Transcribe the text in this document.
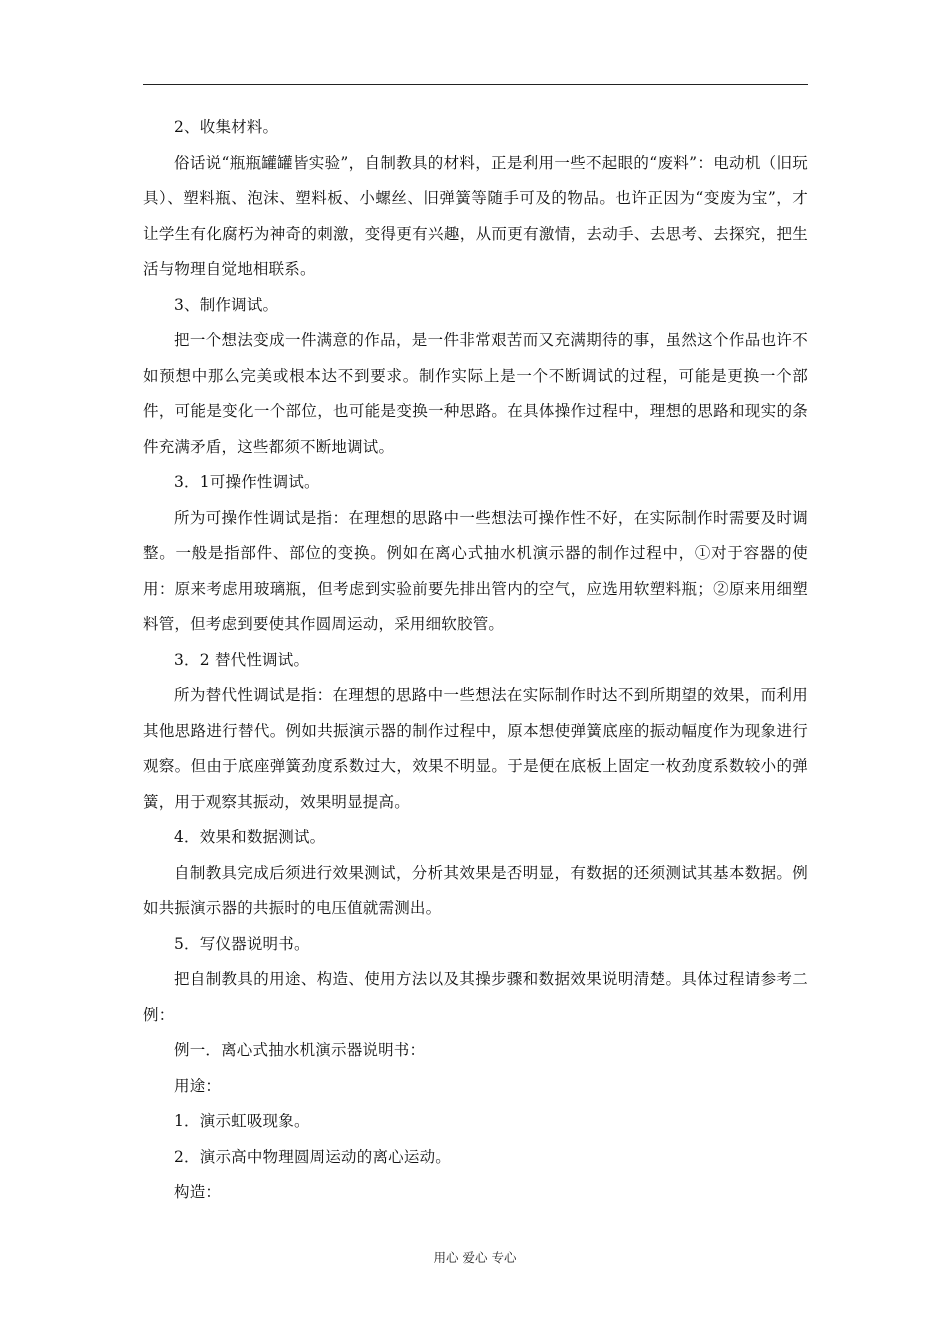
2、收集材料。

俗话说“瓶瓶罐罐皆实验”，自制教具的材料，正是利用一些不起眼的“废料”：电动机（旧玩具）、塑料瓶、泡沫、塑料板、小螺丝、旧弹簧等随手可及的物品。也许正因为“变废为宝”，才让学生有化腐朽为神奇的刺激，变得更有兴趣，从而更有激情，去动手、去思考、去探究，把生活与物理自觉地相联系。

3、制作调试。

把一个想法变成一件满意的作品，是一件非常艰苦而又充满期待的事，虽然这个作品也许不如预想中那么完美或根本达不到要求。制作实际上是一个不断调试的过程，可能是更换一个部件，可能是变化一个部位，也可能是变换一种思路。在具体操作过程中，理想的思路和现实的条件充满矛盾，这些都须不断地调试。

3．1可操作性调试。

所为可操作性调试是指：在理想的思路中一些想法可操作性不好，在实际制作时需要及时调整。一般是指部件、部位的变换。例如在离心式抽水机演示器的制作过程中，①对于容器的使用：原来考虑用玻璃瓶，但考虑到实验前要先排出管内的空气，应选用软塑料瓶；②原来用细塑料管，但考虑到要使其作圆周运动，采用细软胶管。

3．2 替代性调试。

所为替代性调试是指：在理想的思路中一些想法在实际制作时达不到所期望的效果，而利用其他思路进行替代。例如共振演示器的制作过程中，原本想使弹簧底座的振动幅度作为现象进行观察。但由于底座弹簧劲度系数过大，效果不明显。于是便在底板上固定一枚劲度系数较小的弹簧，用于观察其振动，效果明显提高。

4．效果和数据测试。

自制教具完成后须进行效果测试，分析其效果是否明显，有数据的还须测试其基本数据。例如共振演示器的共振时的电压值就需测出。

5．写仪器说明书。

把自制教具的用途、构造、使用方法以及其操步骤和数据效果说明清楚。具体过程请参考二例：

例一．离心式抽水机演示器说明书：

用途：

1．演示虹吸现象。

2．演示高中物理圆周运动的离心运动。

构造：

用心 爱心 专心
